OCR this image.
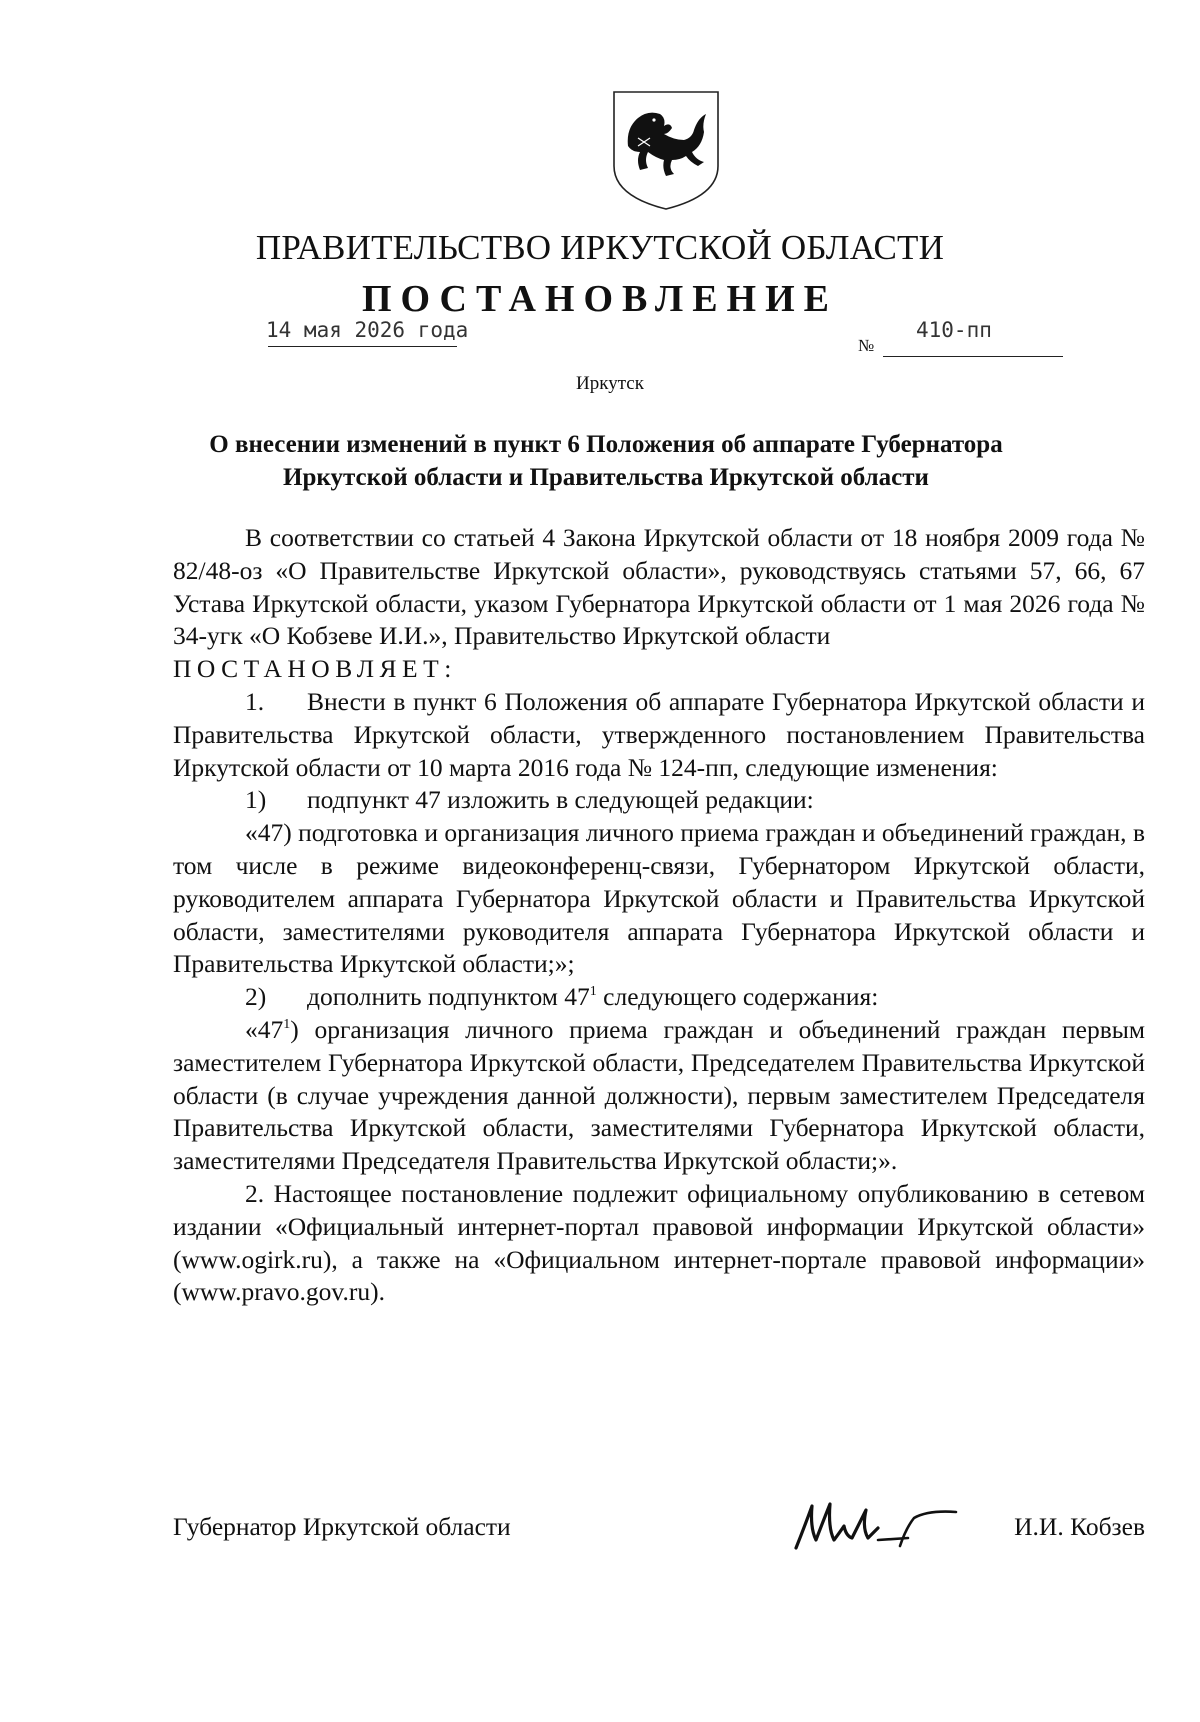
ПРАВИТЕЛЬСТВО ИРКУТСКОЙ ОБЛАСТИ
ПОСТАНОВЛЕНИЕ
14 мая 2026 года
№
410-пп
Иркутск
О внесении изменений в пункт 6 Положения об аппарате Губернатора
Иркутской области и Правительства Иркутской области

В соответствии со статьей 4 Закона Иркутской области от 18 ноября 2009 года № 82/48-оз «О Правительстве Иркутской области», руководствуясь статьями 57, 66, 67 Устава Иркутской области, указом Губернатора Иркутской области от 1 мая 2026 года № 34-угк «О Кобзеве И.И.», Правительство Иркутской области

ПОСТАНОВЛЯЕТ:

1. Внести в пункт 6 Положения об аппарате Губернатора Иркутской области и Правительства Иркутской области, утвержденного постановлением Правительства Иркутской области от 10 марта 2016 года № 124-пп, следующие изменения:

1) подпункт 47 изложить в следующей редакции:

«47) подготовка и организация личного приема граждан и объединений граждан, в том числе в режиме видеоконференц-связи, Губернатором Иркутской области, руководителем аппарата Губернатора Иркутской области и Правительства Иркутской области, заместителями руководителя аппарата Губернатора Иркутской области и Правительства Иркутской области;»;

2) дополнить подпунктом $47^1$ следующего содержания:

«$47^1$) организация личного приема граждан и объединений граждан первым заместителем Губернатора Иркутской области, Председателем Правительства Иркутской области (в случае учреждения данной должности), первым заместителем Председателя Правительства Иркутской области, заместителями Губернатора Иркутской области, заместителями Председателя Правительства Иркутской области;».

2. Настоящее постановление подлежит официальному опубликованию в сетевом издании «Официальный интернет-портал правовой информации Иркутской области» (www.ogirk.ru), а также на «Официальном интернет-портале правовой информации» (www.pravo.gov.ru).

Губернатор Иркутской области	И.И. Кобзев
